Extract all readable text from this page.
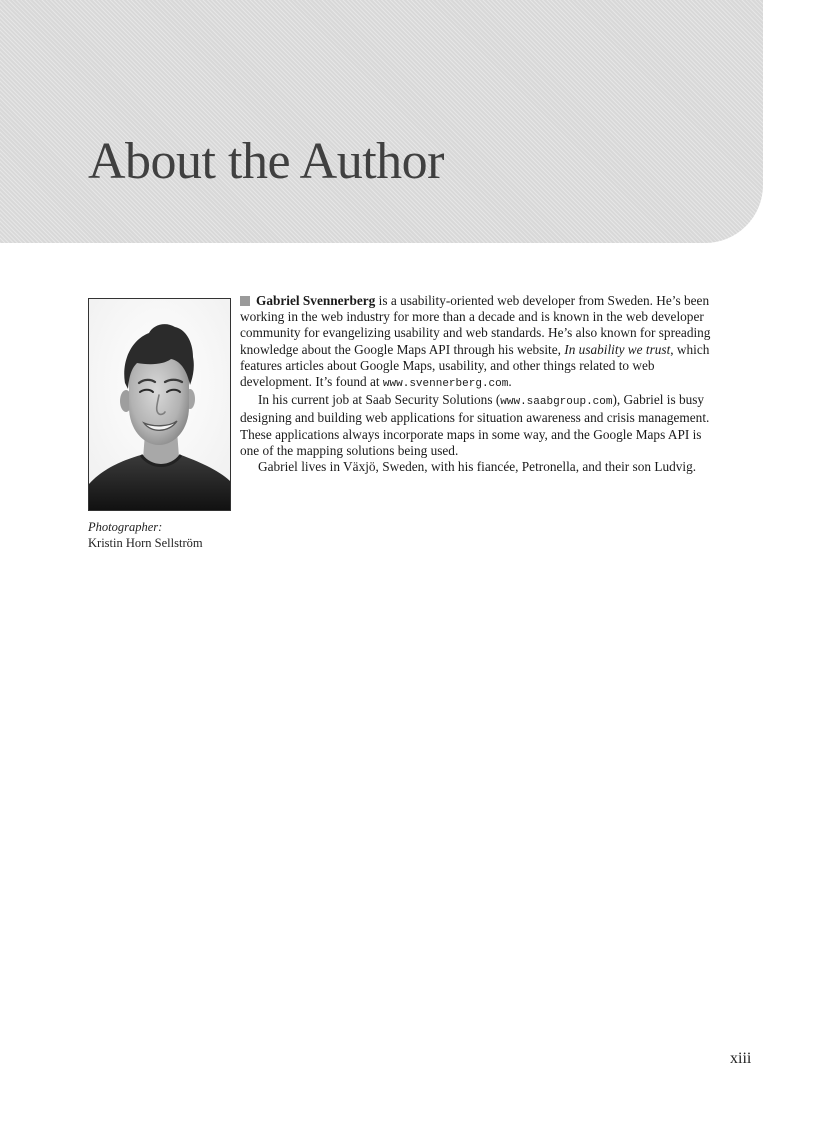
About the Author
Photographer:
Kristin Horn Sellström

Gabriel Svennerberg is a usability-oriented web developer from Sweden. He’s been working in the web industry for more than a decade and is known in the web developer community for evangelizing usability and web standards. He’s also known for spreading knowledge about the Google Maps API through his website, In usability we trust, which features articles about Google Maps, usability, and other things related to web development. It’s found at www.svennerberg.com.

In his current job at Saab Security Solutions (www.saabgroup.com), Gabriel is busy designing and building web applications for situation awareness and crisis management. These applications always incorporate maps in some way, and the Google Maps API is one of the mapping solutions being used.

Gabriel lives in Växjö, Sweden, with his fiancée, Petronella, and their son Ludvig.

xiii
